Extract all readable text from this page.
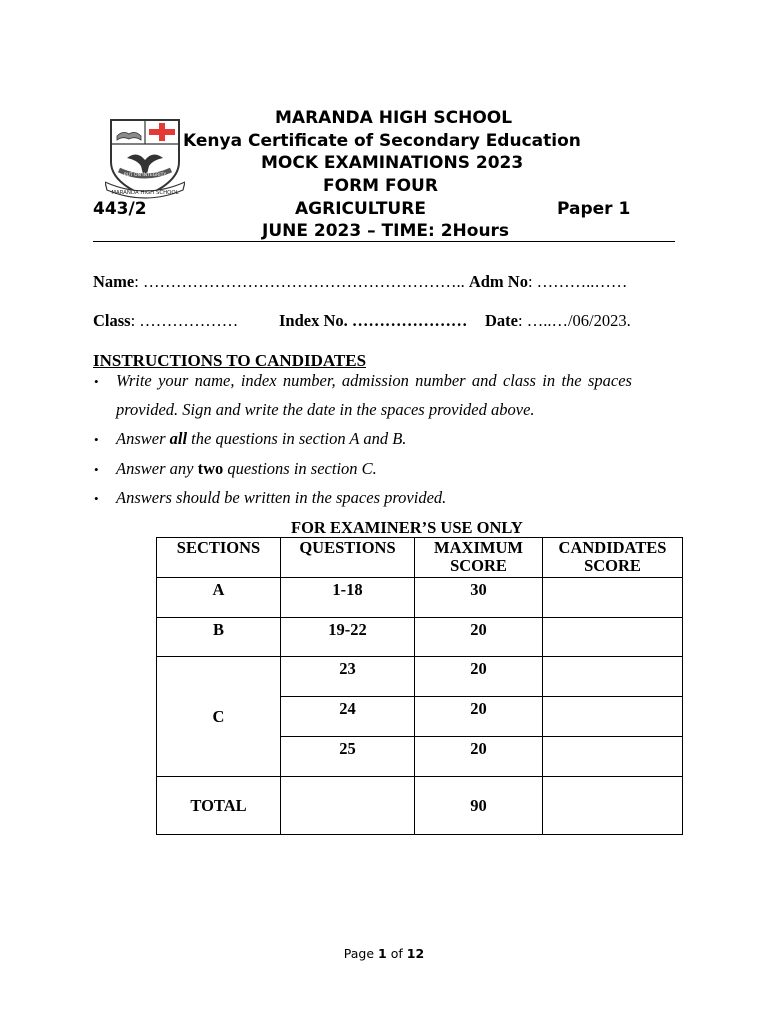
MARANDA HIGH SCHOOL
PUT ON INTEGRITY
MARANDA HIGH SCHOOL
Kenya Certificate of Secondary Education
MOCK EXAMINATIONS 2023
FORM FOUR
443/2	AGRICULTURE	Paper 1
JUNE 2023 – TIME: 2Hours
Name: ………………………………………………….. Adm No: ………..……
Class: ……………… Index No. ………………… Date: …..…/06/2023.
INSTRUCTIONS TO CANDIDATES
• Write your name, index number, admission number and class in the spaces
provided. Sign and write the date in the spaces provided above.
• Answer all the questions in section A and B.
• Answer any two questions in section C.
• Answers should be written in the spaces provided.
FOR EXAMINER’S USE ONLY
SECTIONS	QUESTIONS	MAXIMUM SCORE	CANDIDATES SCORE
A	1-18	30	
B	19-22	20	
C	23	20	
	24	20	
	25	20	
TOTAL		90	
Page 1 of 12
